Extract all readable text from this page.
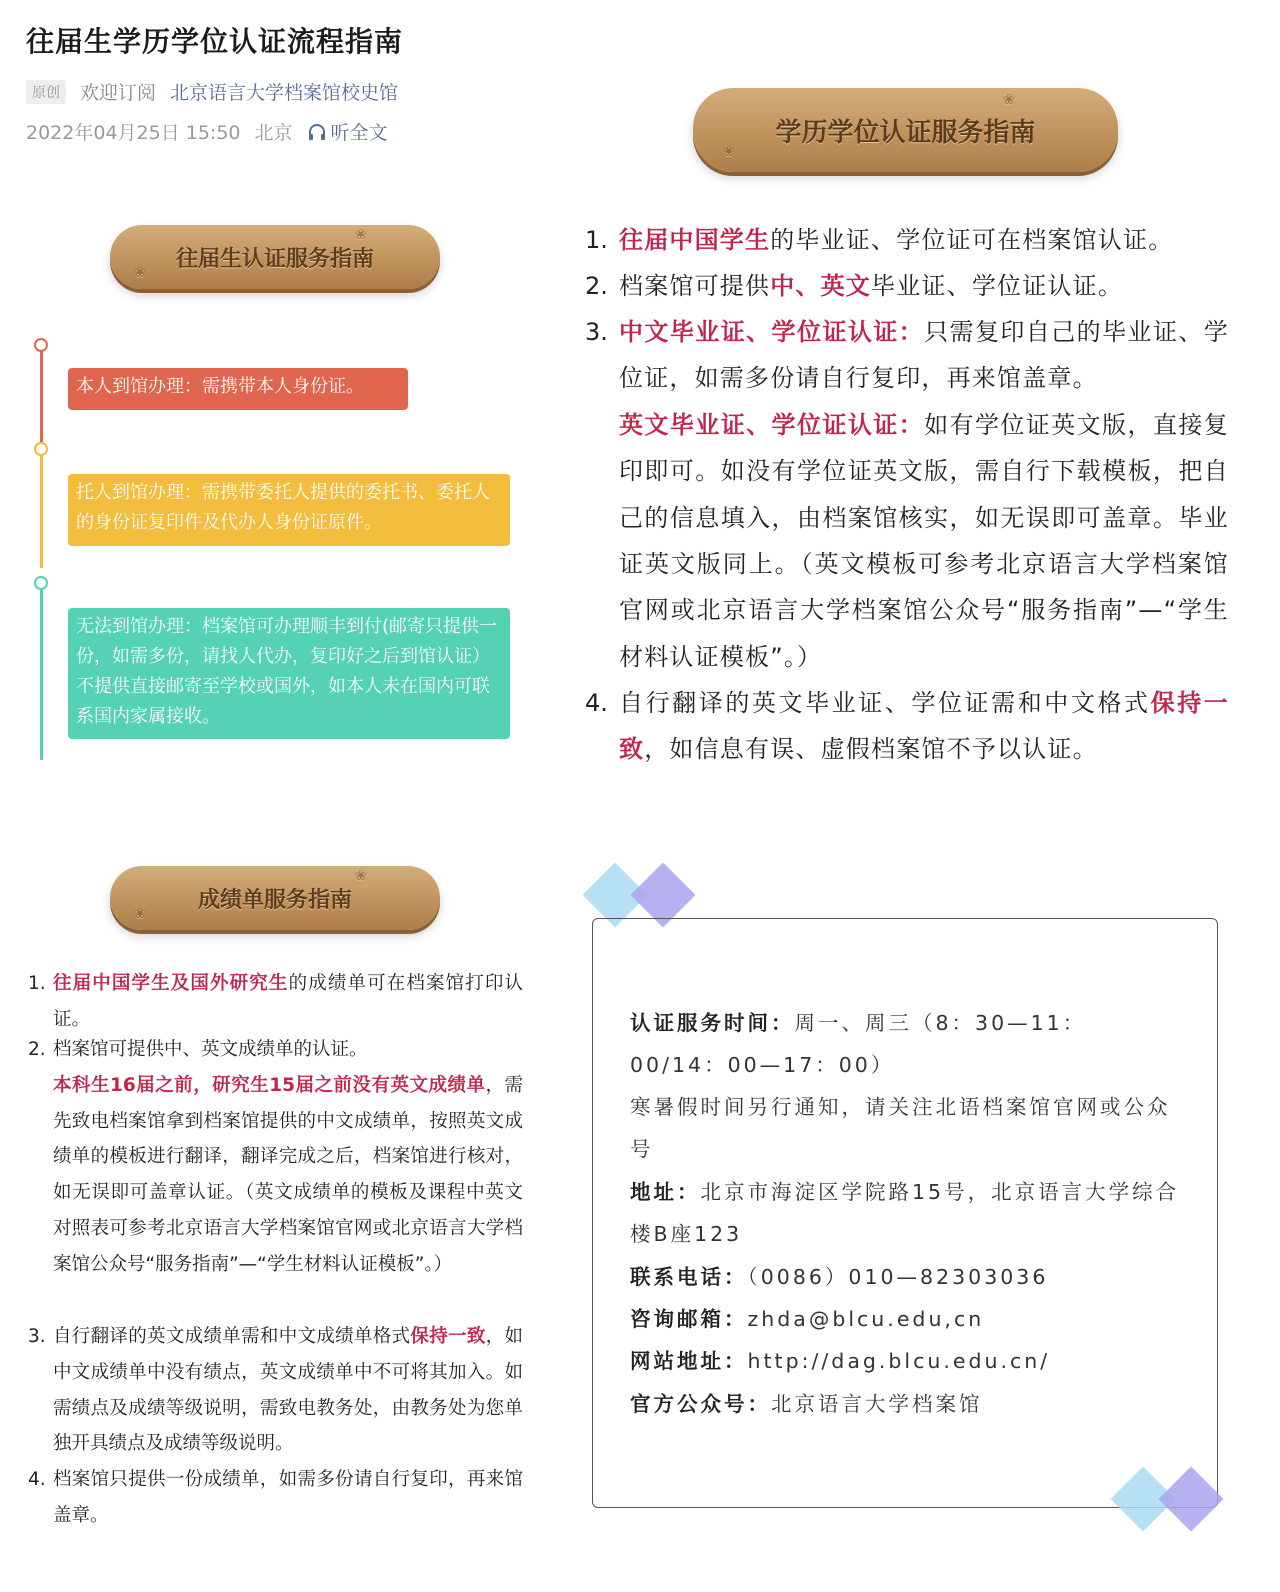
往届生学历学位认证流程指南
原创	欢迎订阅 北京语言大学档案馆校史馆
2022年04月25日 15:50 北京 听全文
往届生认证服务指南
❀
❀
本人到馆办理：需携带本人身份证。
托人到馆办理：需携带委托人提供的委托书、委托人的身份证复印件及代办人身份证原件。
无法到馆办理：档案馆可办理顺丰到付(邮寄只提供一份，如需多份，请找人代办，复印好之后到馆认证）不提供直接邮寄至学校或国外，如本人未在国内可联系国内家属接收。
学历学位认证服务指南
❀
❀
1. 往届中国学生的毕业证、学位证可在档案馆认证。
2. 档案馆可提供中、英文毕业证、学位证认证。
3. 中文毕业证、学位证认证：只需复印自己的毕业证、学位证，如需多份请自行复印，再来馆盖章。
英文毕业证、学位证认证：如有学位证英文版，直接复印即可。如没有学位证英文版，需自行下载模板，把自己的信息填入，由档案馆核实，如无误即可盖章。毕业证英文版同上。（英文模板可参考北京语言大学档案馆官网或北京语言大学档案馆公众号“服务指南”—“学生材料认证模板”。）
4. 自行翻译的英文毕业证、学位证需和中文格式保持一致，如信息有误、虚假档案馆不予以认证。
成绩单服务指南
❀
❀
1. 往届中国学生及国外研究生的成绩单可在档案馆打印认证。
2. 档案馆可提供中、英文成绩单的认证。
本科生16届之前，研究生15届之前没有英文成绩单，需先致电档案馆拿到档案馆提供的中文成绩单，按照英文成绩单的模板进行翻译，翻译完成之后，档案馆进行核对，如无误即可盖章认证。（英文成绩单的模板及课程中英文对照表可参考北京语言大学档案馆官网或北京语言大学档案馆公众号“服务指南”—“学生材料认证模板”。）
3. 自行翻译的英文成绩单需和中文成绩单格式保持一致，如中文成绩单中没有绩点，英文成绩单中不可将其加入。如需绩点及成绩等级说明，需致电教务处，由教务处为您单独开具绩点及成绩等级说明。
4. 档案馆只提供一份成绩单，如需多份请自行复印，再来馆盖章。
认证服务时间：周一、周三（8：30—11：00/14：00—17：00）
寒暑假时间另行通知，请关注北语档案馆官网或公众号
地址：北京市海淀区学院路15号，北京语言大学综合楼B座123
联系电话：（0086）010—82303036
咨询邮箱：zhda@blcu.edu,cn
网站地址：http://dag.blcu.edu.cn/
官方公众号：北京语言大学档案馆
